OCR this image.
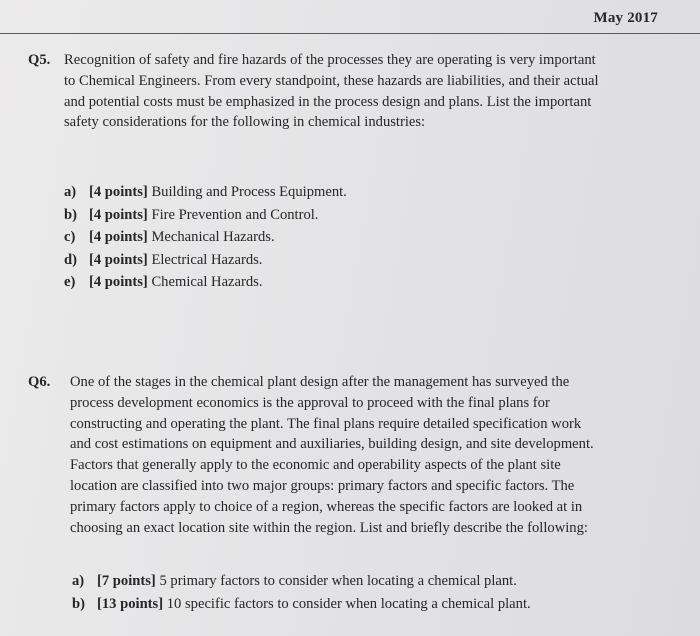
May 2017
Q5. Recognition of safety and fire hazards of the processes they are operating is very important
to Chemical Engineers. From every standpoint, these hazards are liabilities, and their actual
and potential costs must be emphasized in the process design and plans. List the important
safety considerations for the following in chemical industries:
a) [4 points] Building and Process Equipment.
b) [4 points] Fire Prevention and Control.
c) [4 points] Mechanical Hazards.
d) [4 points] Electrical Hazards.
e) [4 points] Chemical Hazards.
Q6. One of the stages in the chemical plant design after the management has surveyed the
process development economics is the approval to proceed with the final plans for
constructing and operating the plant. The final plans require detailed specification work
and cost estimations on equipment and auxiliaries, building design, and site development.
Factors that generally apply to the economic and operability aspects of the plant site
location are classified into two major groups: primary factors and specific factors. The
primary factors apply to choice of a region, whereas the specific factors are looked at in
choosing an exact location site within the region. List and briefly describe the following:
a) [7 points] 5 primary factors to consider when locating a chemical plant.
b) [13 points] 10 specific factors to consider when locating a chemical plant.
